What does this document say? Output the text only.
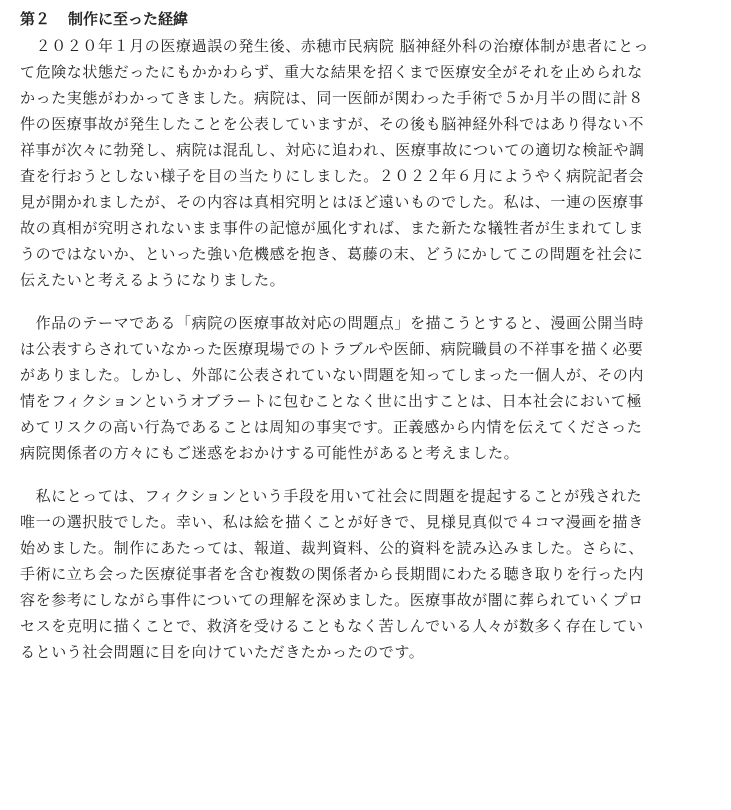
第２ 制作に至った経緯

　２０２０年１月の医療過誤の発生後、赤穂市民病院 脳神経外科の治療体制が患者にとっ
て危険な状態だったにもかかわらず、重大な結果を招くまで医療安全がそれを止められな
かった実態がわかってきました。病院は、同一医師が関わった手術で５か月半の間に計８
件の医療事故が発生したことを公表していますが、その後も脳神経外科ではあり得ない不
祥事が次々に勃発し、病院は混乱し、対応に追われ、医療事故についての適切な検証や調
査を行おうとしない様子を目の当たりにしました。２０２２年６月にようやく病院記者会
見が開かれましたが、その内容は真相究明とはほど遠いものでした。私は、一連の医療事
故の真相が究明されないまま事件の記憶が風化すれば、また新たな犠牲者が生まれてしま
うのではないか、といった強い危機感を抱き、葛藤の末、どうにかしてこの問題を社会に
伝えたいと考えるようになりました。

　作品のテーマである「病院の医療事故対応の問題点」を描こうとすると、漫画公開当時
は公表すらされていなかった医療現場でのトラブルや医師、病院職員の不祥事を描く必要
がありました。しかし、外部に公表されていない問題を知ってしまった一個人が、その内
情をフィクションというオブラートに包むことなく世に出すことは、日本社会において極
めてリスクの高い行為であることは周知の事実です。正義感から内情を伝えてくださった
病院関係者の方々にもご迷惑をおかけする可能性があると考えました。

　私にとっては、フィクションという手段を用いて社会に問題を提起することが残された
唯一の選択肢でした。幸い、私は絵を描くことが好きで、見様見真似で４コマ漫画を描き
始めました。制作にあたっては、報道、裁判資料、公的資料を読み込みました。さらに、
手術に立ち会った医療従事者を含む複数の関係者から長期間にわたる聴き取りを行った内
容を参考にしながら事件についての理解を深めました。医療事故が闇に葬られていくプロ
セスを克明に描くことで、救済を受けることもなく苦しんでいる人々が数多く存在してい
るという社会問題に目を向けていただきたかったのです。
